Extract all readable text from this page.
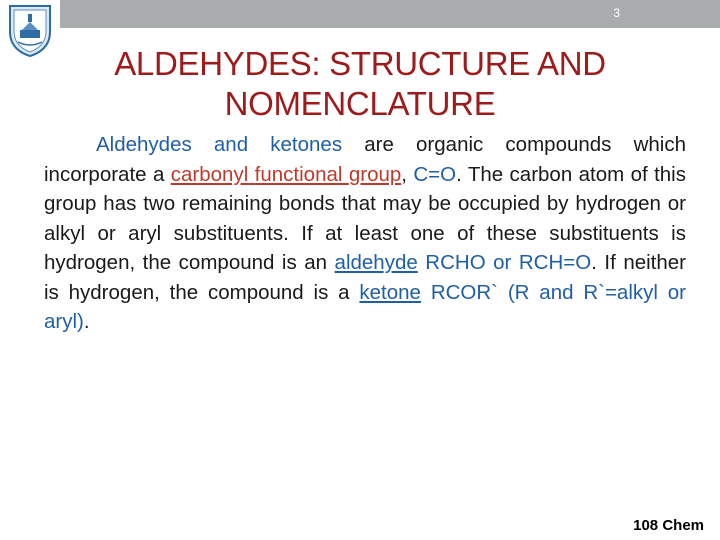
3
ALDEHYDES: STRUCTURE AND
NOMENCLATURE
Aldehydes and ketones are organic compounds which incorporate a carbonyl functional group, C=O. The carbon atom of this group has two remaining bonds that may be occupied by hydrogen or alkyl or aryl substituents. If at least one of these substituents is hydrogen, the compound is an aldehyde RCHO or RCH=O. If neither is hydrogen, the compound is a ketone RCOR` (R and R`=alkyl or aryl).
108 Chem
